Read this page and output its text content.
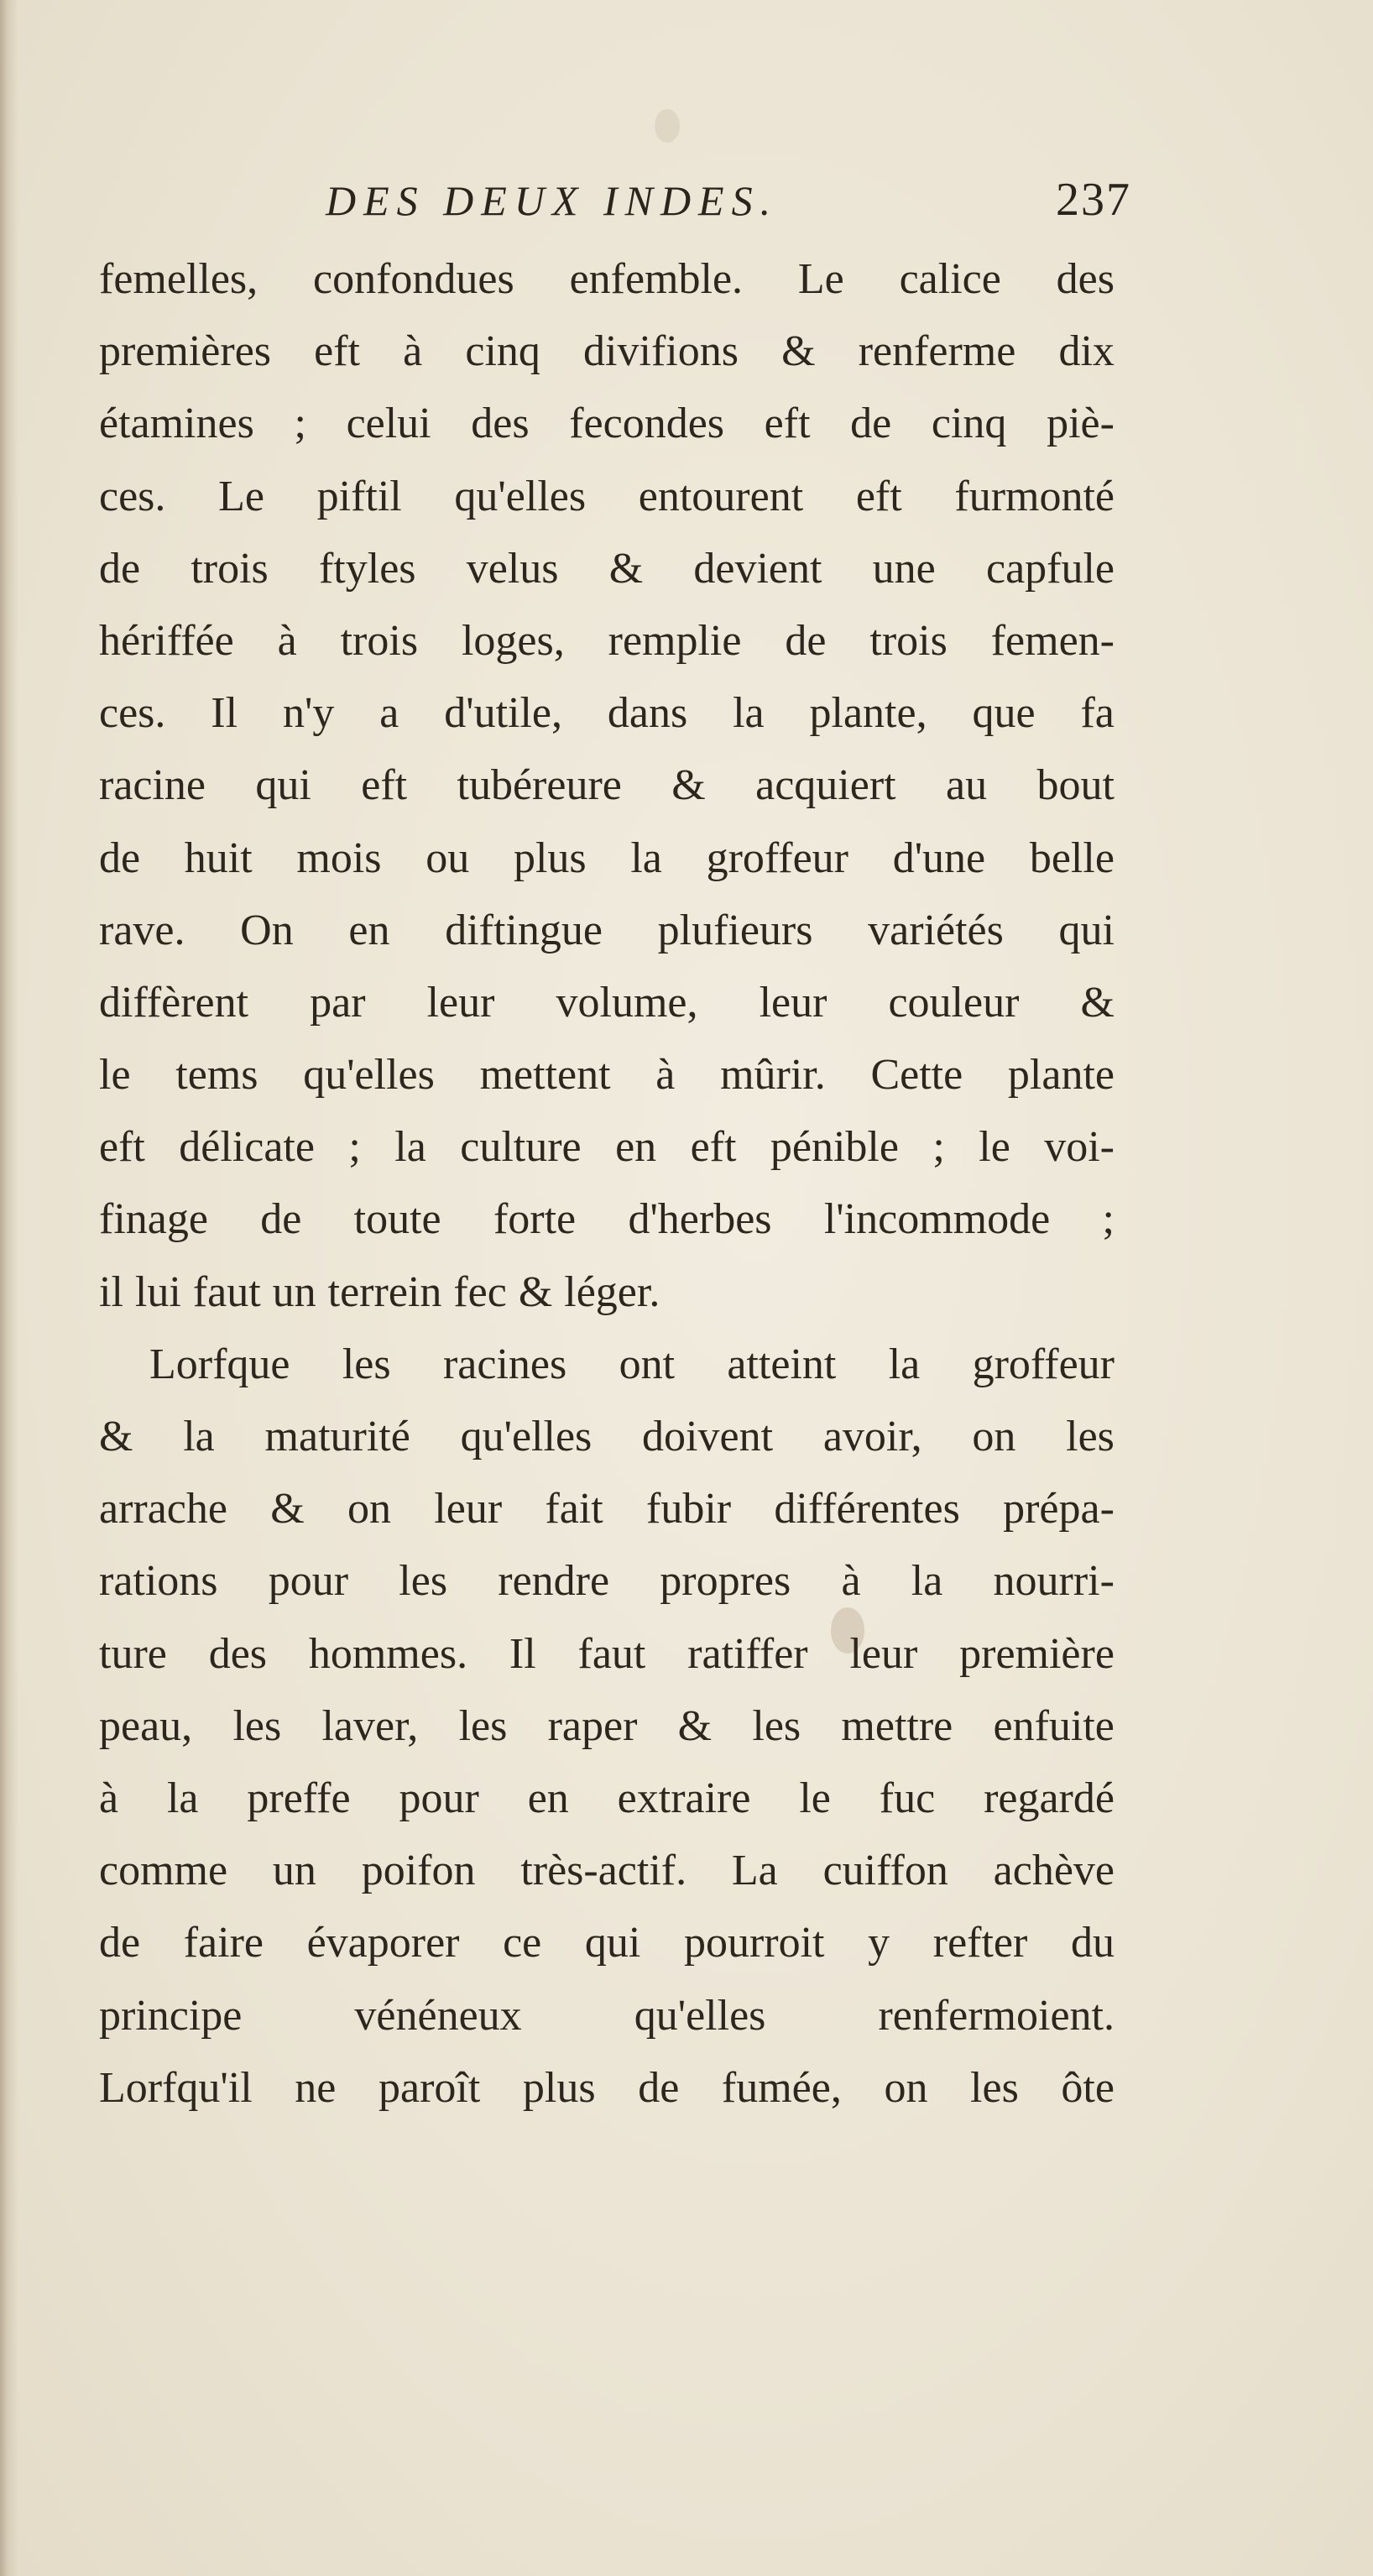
DES DEUX INDES.	237
femelles, confondues enfemble. Le calice des
premières eft à cinq divifions & renferme dix
étamines ; celui des fecondes eft de cinq piè-
ces. Le piftil qu'elles entourent eft furmonté
de trois ftyles velus & devient une capfule
hériffée à trois loges, remplie de trois femen-
ces. Il n'y a d'utile, dans la plante, que fa
racine qui eft tubéreure & acquiert au bout
de huit mois ou plus la groffeur d'une belle
rave. On en diftingue plufieurs variétés qui
diffèrent par leur volume, leur couleur &
le tems qu'elles mettent à mûrir. Cette plante
eft délicate ; la culture en eft pénible ; le voi-
finage de toute forte d'herbes l'incommode ;
il lui faut un terrein fec & léger.
Lorfque les racines ont atteint la groffeur
& la maturité qu'elles doivent avoir, on les
arrache & on leur fait fubir différentes prépa-
rations pour les rendre propres à la nourri-
ture des hommes. Il faut ratiffer leur première
peau, les laver, les raper & les mettre enfuite
à la preffe pour en extraire le fuc regardé
comme un poifon très-actif. La cuiffon achève
de faire évaporer ce qui pourroit y refter du
principe	vénéneux	qu'elles	renfermoient.
Lorfqu'il ne paroît plus de fumée, on les ôte
